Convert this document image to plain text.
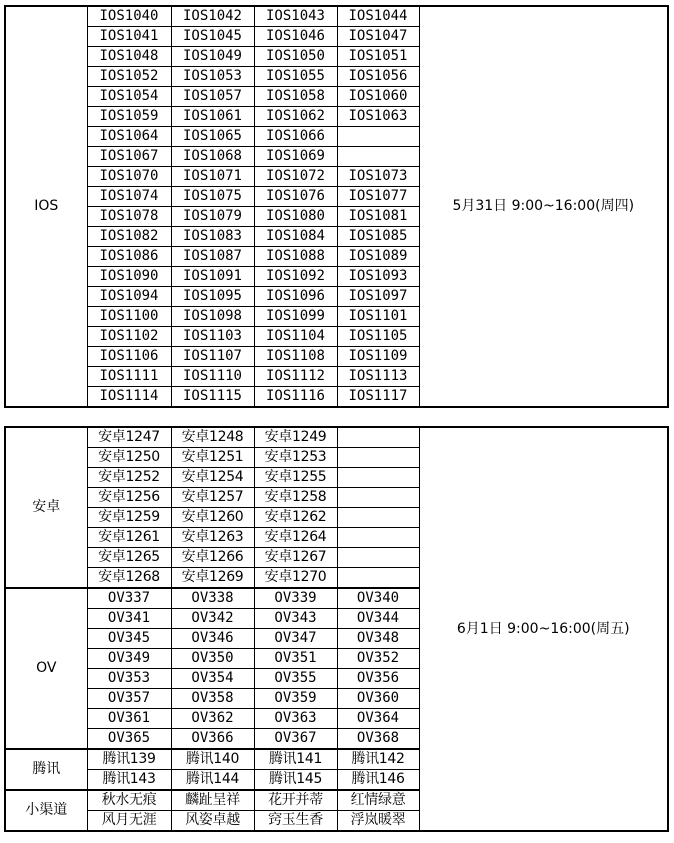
IOS	IOS1040	IOS1042	IOS1043	IOS1044	5月31日 9:00~16:00(周四)
	IOS1041	IOS1045	IOS1046	IOS1047	
	IOS1048	IOS1049	IOS1050	IOS1051	
	IOS1052	IOS1053	IOS1055	IOS1056	
	IOS1054	IOS1057	IOS1058	IOS1060	
	IOS1059	IOS1061	IOS1062	IOS1063	
	IOS1064	IOS1065	IOS1066		
	IOS1067	IOS1068	IOS1069		
	IOS1070	IOS1071	IOS1072	IOS1073	
	IOS1074	IOS1075	IOS1076	IOS1077	
	IOS1078	IOS1079	IOS1080	IOS1081	
	IOS1082	IOS1083	IOS1084	IOS1085	
	IOS1086	IOS1087	IOS1088	IOS1089	
	IOS1090	IOS1091	IOS1092	IOS1093	
	IOS1094	IOS1095	IOS1096	IOS1097	
	IOS1100	IOS1098	IOS1099	IOS1101	
	IOS1102	IOS1103	IOS1104	IOS1105	
	IOS1106	IOS1107	IOS1108	IOS1109	
	IOS1111	IOS1110	IOS1112	IOS1113	
	IOS1114	IOS1115	IOS1116	IOS1117	
安卓	安卓1247	安卓1248	安卓1249		6月1日 9:00~16:00(周五)
	安卓1250	安卓1251	安卓1253		
	安卓1252	安卓1254	安卓1255		
	安卓1256	安卓1257	安卓1258		
	安卓1259	安卓1260	安卓1262		
	安卓1261	安卓1263	安卓1264		
	安卓1265	安卓1266	安卓1267		
	安卓1268	安卓1269	安卓1270		
OV	OV337	OV338	OV339	OV340	
	OV341	OV342	OV343	OV344	
	OV345	OV346	OV347	OV348	
	OV349	OV350	OV351	OV352	
	OV353	OV354	OV355	OV356	
	OV357	OV358	OV359	OV360	
	OV361	OV362	OV363	OV364	
	OV365	OV366	OV367	OV368	
腾讯	腾讯139	腾讯140	腾讯141	腾讯142	
	腾讯143	腾讯144	腾讯145	腾讯146	
小渠道	秋水无痕	麟趾呈祥	花开并蒂	红情绿意	
	风月无涯	风姿卓越	窍玉生香	浮岚暖翠	
